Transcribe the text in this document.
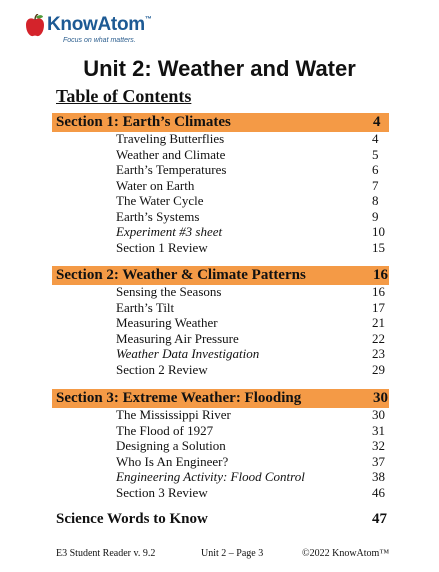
KnowAtom™
Focus on what matters.
Unit 2: Weather and Water
Table of Contents
Section 1: Earth’s Climates	4
Traveling Butterflies	4
Weather and Climate	5
Earth’s Temperatures	6
Water on Earth	7
The Water Cycle	8
Earth’s Systems	9
Experiment #3 sheet	10
Section 1 Review	15
Section 2: Weather & Climate Patterns	16
Sensing the Seasons	16
Earth’s Tilt	17
Measuring Weather	21
Measuring Air Pressure	22
Weather Data Investigation	23
Section 2 Review	29
Section 3: Extreme Weather: Flooding	30
The Mississippi River	30
The Flood of 1927	31
Designing a Solution	32
Who Is An Engineer?	37
Engineering Activity: Flood Control	38
Section 3 Review	46
Science Words to Know	47
E3 Student Reader v. 9.2	Unit 2 – Page 3	©2022 KnowAtom™
